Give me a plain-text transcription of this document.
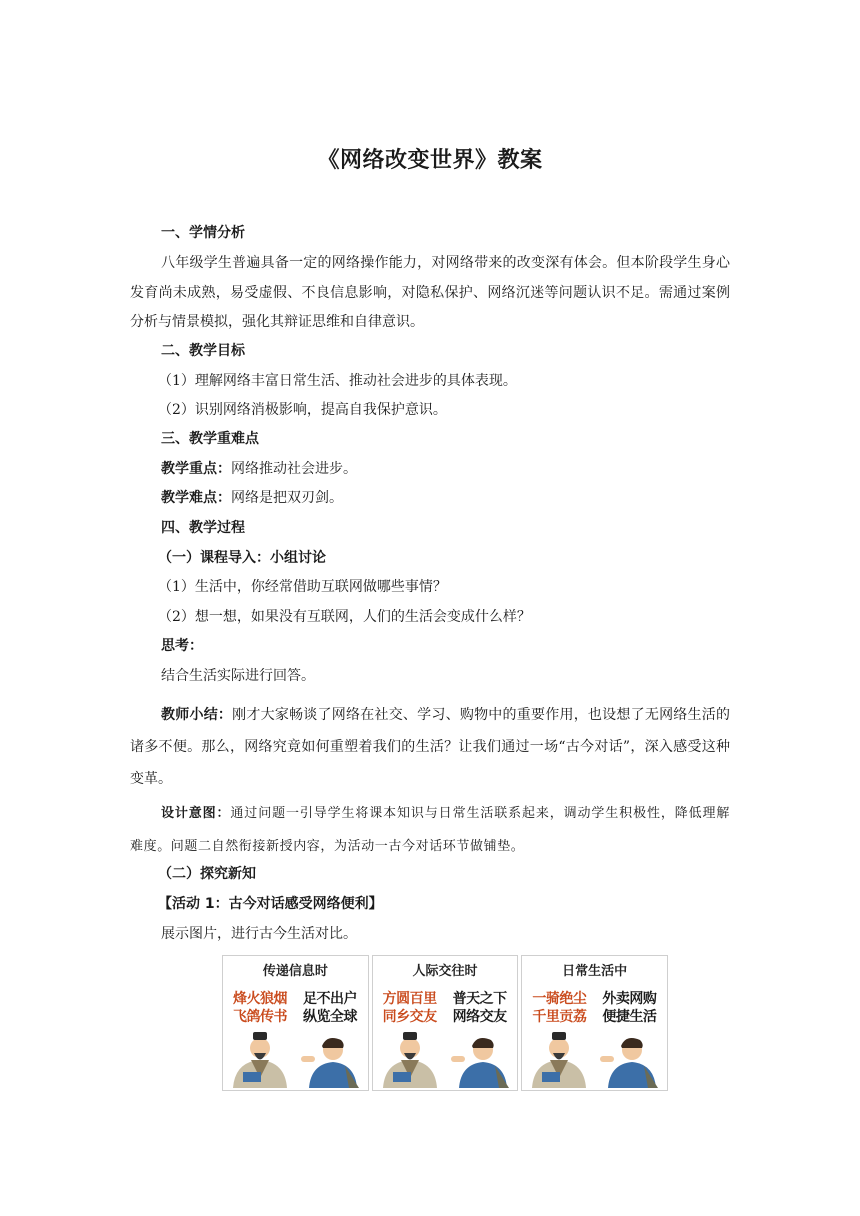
《网络改变世界》教案
一、学情分析
八年级学生普遍具备一定的网络操作能力，对网络带来的改变深有体会。但本阶段学生身心发育尚未成熟，易受虚假、不良信息影响，对隐私保护、网络沉迷等问题认识不足。需通过案例分析与情景模拟，强化其辩证思维和自律意识。
二、教学目标
（1）理解网络丰富日常生活、推动社会进步的具体表现。
（2）识别网络消极影响，提高自我保护意识。
三、教学重难点
教学重点：网络推动社会进步。
教学难点：网络是把双刃剑。
四、教学过程
（一）课程导入：小组讨论
（1）生活中，你经常借助互联网做哪些事情？
（2）想一想，如果没有互联网，人们的生活会变成什么样？
思考：
结合生活实际进行回答。
教师小结：刚才大家畅谈了网络在社交、学习、购物中的重要作用，也设想了无网络生活的诸多不便。那么，网络究竟如何重塑着我们的生活？让我们通过一场“古今对话”，深入感受这种变革。
设计意图：通过问题一引导学生将课本知识与日常生活联系起来，调动学生积极性，降低理解难度。问题二自然衔接新授内容，为活动一古今对话环节做铺垫。
（二）探究新知
【活动 1：古今对话感受网络便利】
展示图片，进行古今生活对比。
传递信息时
烽火狼烟 飞鸽传书
足不出户 纵览全球
人际交往时
方圆百里 同乡交友
普天之下 网络交友
日常生活中
一骑绝尘 千里贡荔
外卖网购 便捷生活
